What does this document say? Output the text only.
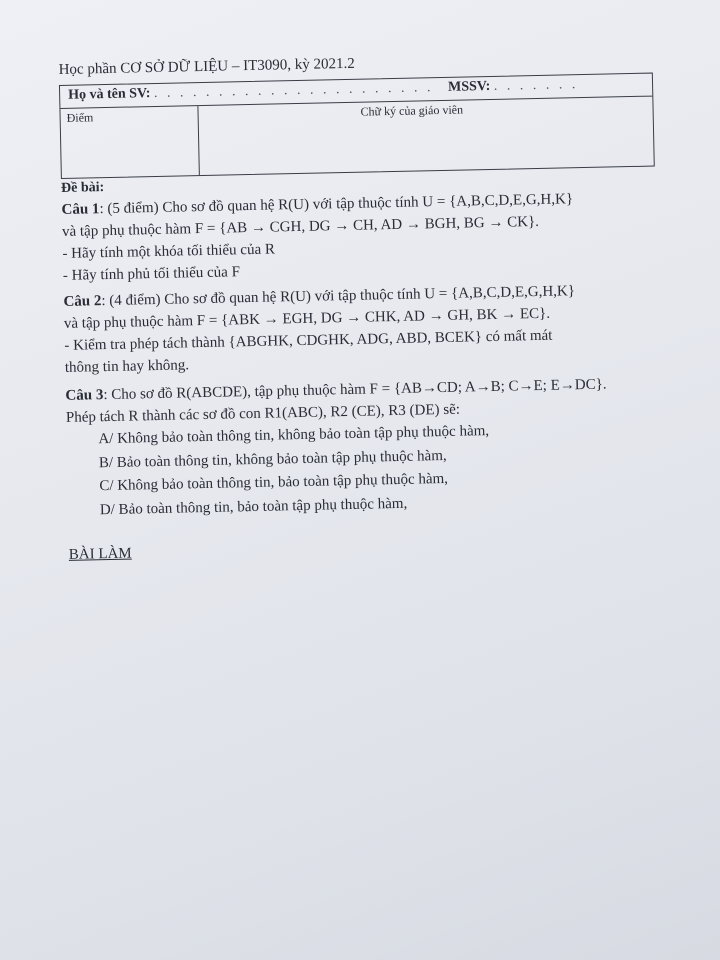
Học phần CƠ SỞ DỮ LIỆU – IT3090, kỳ 2021.2
Họ và tên SV: . . . . . . . . . . . . . . . . . . . . . . MSSV: . . . . . . .
Điểm	Chữ ký của giáo viên
Đề bài:

Câu 1: (5 điểm) Cho sơ đồ quan hệ R(U) với tập thuộc tính U = {A,B,C,D,E,G,H,K}

và tập phụ thuộc hàm F = {AB → CGH, DG → CH, AD → BGH, BG → CK}.

- Hãy tính một khóa tối thiểu của R

- Hãy tính phủ tối thiểu của F

Câu 2: (4 điểm) Cho sơ đồ quan hệ R(U) với tập thuộc tính U = {A,B,C,D,E,G,H,K}

và tập phụ thuộc hàm F = {ABK → EGH, DG → CHK, AD → GH, BK → EC}.

- Kiểm tra phép tách thành {ABGHK, CDGHK, ADG, ABD, BCEK} có mất mát

thông tin hay không.

Câu 3: Cho sơ đồ R(ABCDE), tập phụ thuộc hàm F = {AB→CD; A→B; C→E; E→DC}.

Phép tách R thành các sơ đồ con R1(ABC), R2 (CE), R3 (DE) sẽ:

A/ Không bảo toàn thông tin, không bảo toàn tập phụ thuộc hàm,
B/ Bảo toàn thông tin, không bảo toàn tập phụ thuộc hàm,
C/ Không bảo toàn thông tin, bảo toàn tập phụ thuộc hàm,
D/ Bảo toàn thông tin, bảo toàn tập phụ thuộc hàm,
BÀI LÀM
